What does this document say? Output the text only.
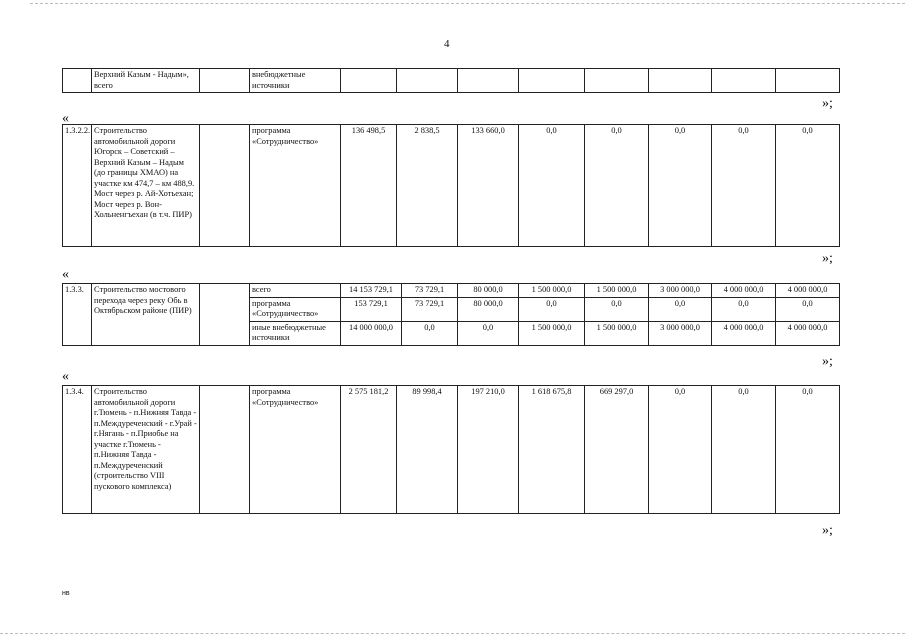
4
	Верхний Казым - Надым», всего		внебюджетные источники								
»;
«
1.3.2.2.	Строительство автомобильной дороги Югорск – Советский – Верхний Казым – Надым (до границы ХМАО) на участке км 474,7 – км 488,9. Мост через р. Ай-Хотьехан; Мост через р. Вон-Хольненгъехан (в т.ч. ПИР)		программа «Сотрудничество»	136 498,5	2 838,5	133 660,0	0,0	0,0	0,0	0,0	0,0
»;
«
1.3.3.	Строительство мостового перехода через реку Обь в Октябрьском районе (ПИР)		всего	14 153 729,1	73 729,1	80 000,0	1 500 000,0	1 500 000,0	3 000 000,0	4 000 000,0	4 000 000,0
			программа «Сотрудничество»	153 729,1	73 729,1	80 000,0	0,0	0,0	0,0	0,0	0,0
			иные внебюджетные источники	14 000 000,0	0,0	0,0	1 500 000,0	1 500 000,0	3 000 000,0	4 000 000,0	4 000 000,0
»;
«
1.3.4.	Строительство автомобильной дороги г.Тюмень - п.Нижняя Тавда - п.Междуреченский - г.Урай - г.Нягань - п.Приобье на участке г.Тюмень - п.Нижняя Тавда - п.Междуреченский (строительство VIII пускового комплекса)		программа «Сотрудничество»	2 575 181,2	89 998,4	197 210,0	1 618 675,8	669 297,0	0,0	0,0	0,0
»;
нв
